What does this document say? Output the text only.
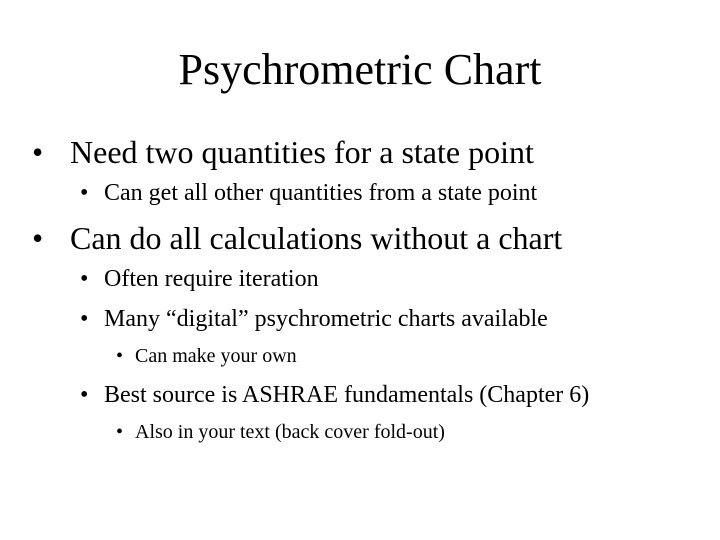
Psychrometric Chart
• Need two quantities for a state point
• Can get all other quantities from a state point
• Can do all calculations without a chart
• Often require iteration
• Many “digital” psychrometric charts available
• Can make your own
• Best source is ASHRAE fundamentals (Chapter 6)
• Also in your text (back cover fold-out)
